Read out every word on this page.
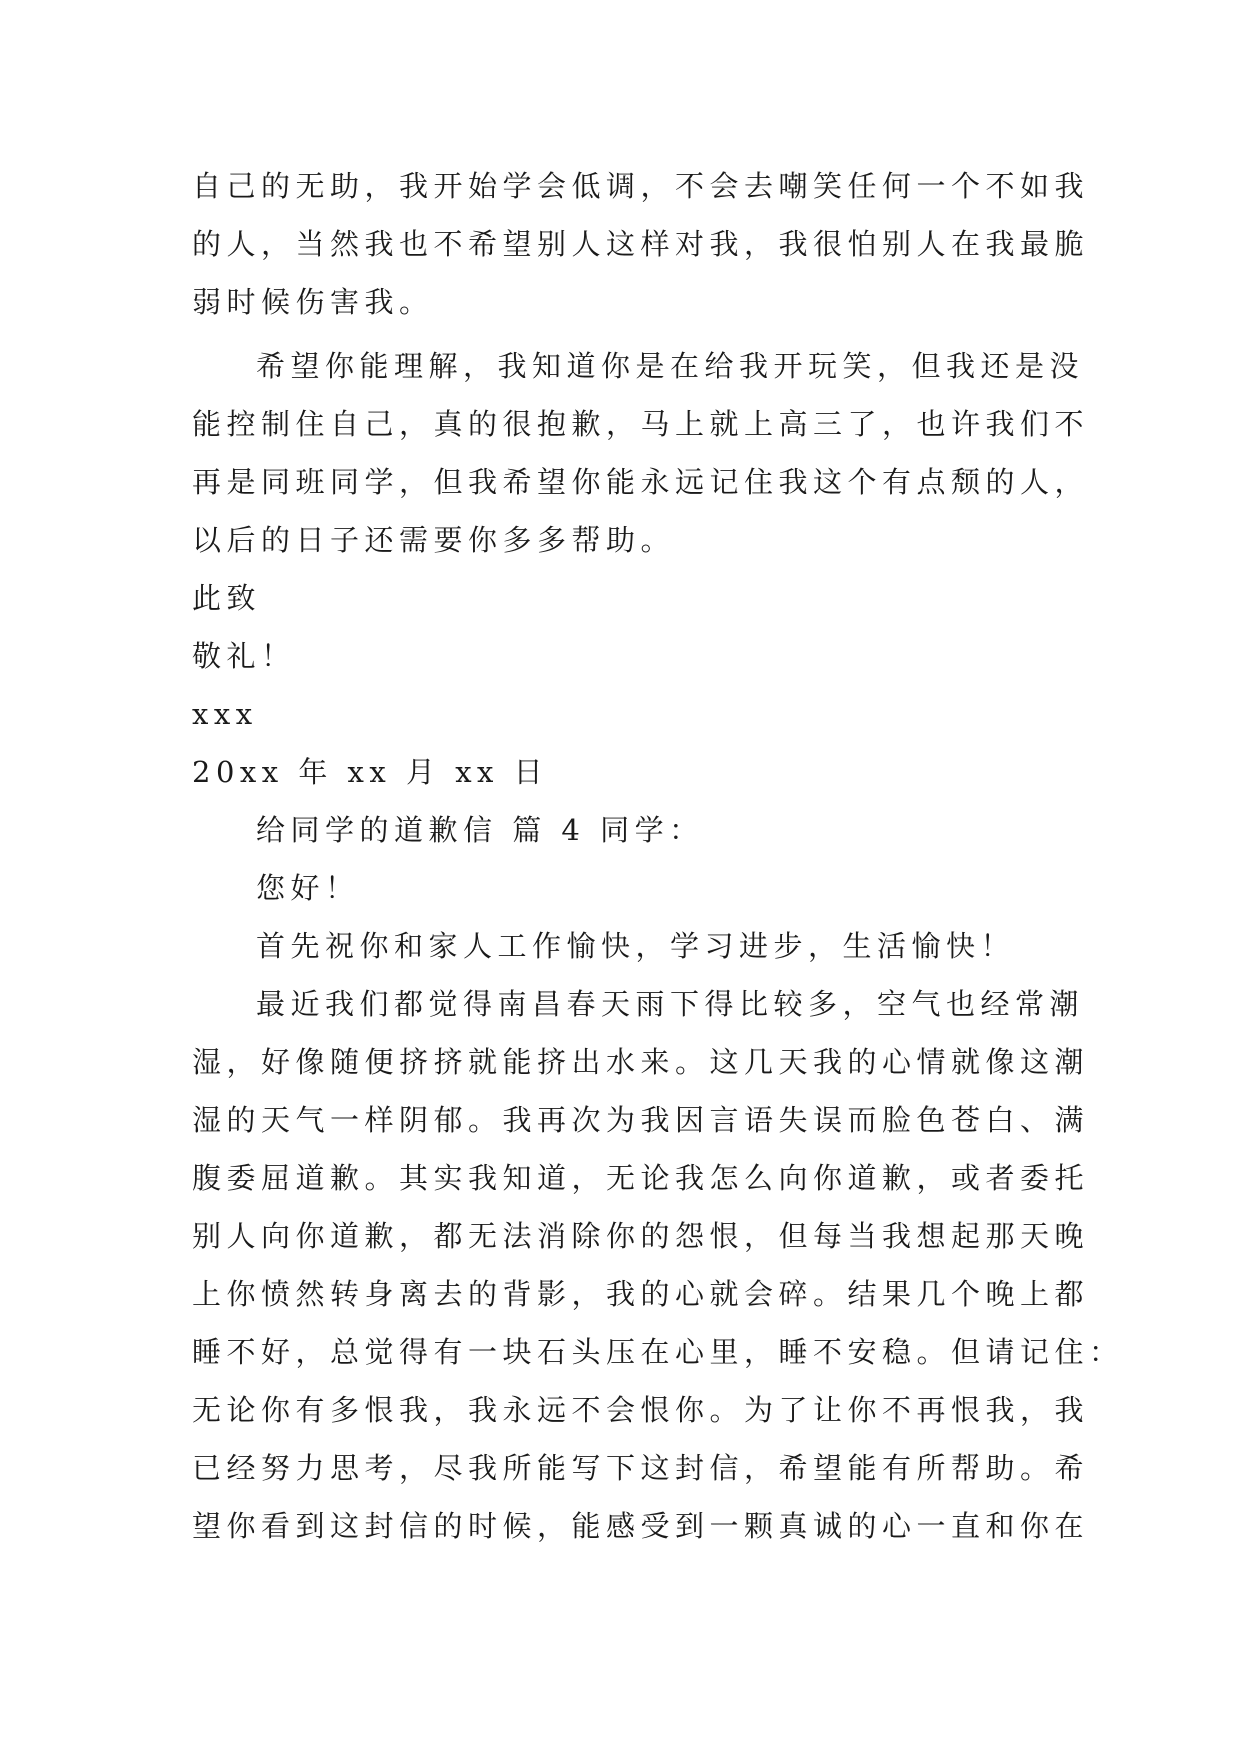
自己的无助，我开始学会低调，不会去嘲笑任何一个不如我
的人，当然我也不希望别人这样对我，我很怕别人在我最脆
弱时候伤害我。
希望你能理解，我知道你是在给我开玩笑，但我还是没
能控制住自己，真的很抱歉，马上就上高三了，也许我们不
再是同班同学，但我希望你能永远记住我这个有点颓的人，
以后的日子还需要你多多帮助。
此致
敬礼！
xxx
20xx 年 xx 月 xx 日
给同学的道歉信 篇 4 同学：
您好！
首先祝你和家人工作愉快，学习进步，生活愉快！
最近我们都觉得南昌春天雨下得比较多，空气也经常潮
湿，好像随便挤挤就能挤出水来。这几天我的心情就像这潮
湿的天气一样阴郁。我再次为我因言语失误而脸色苍白、满
腹委屈道歉。其实我知道，无论我怎么向你道歉，或者委托
别人向你道歉，都无法消除你的怨恨，但每当我想起那天晚
上你愤然转身离去的背影，我的心就会碎。结果几个晚上都
睡不好，总觉得有一块石头压在心里，睡不安稳。但请记住：
无论你有多恨我，我永远不会恨你。为了让你不再恨我，我
已经努力思考，尽我所能写下这封信，希望能有所帮助。希
望你看到这封信的时候，能感受到一颗真诚的心一直和你在
